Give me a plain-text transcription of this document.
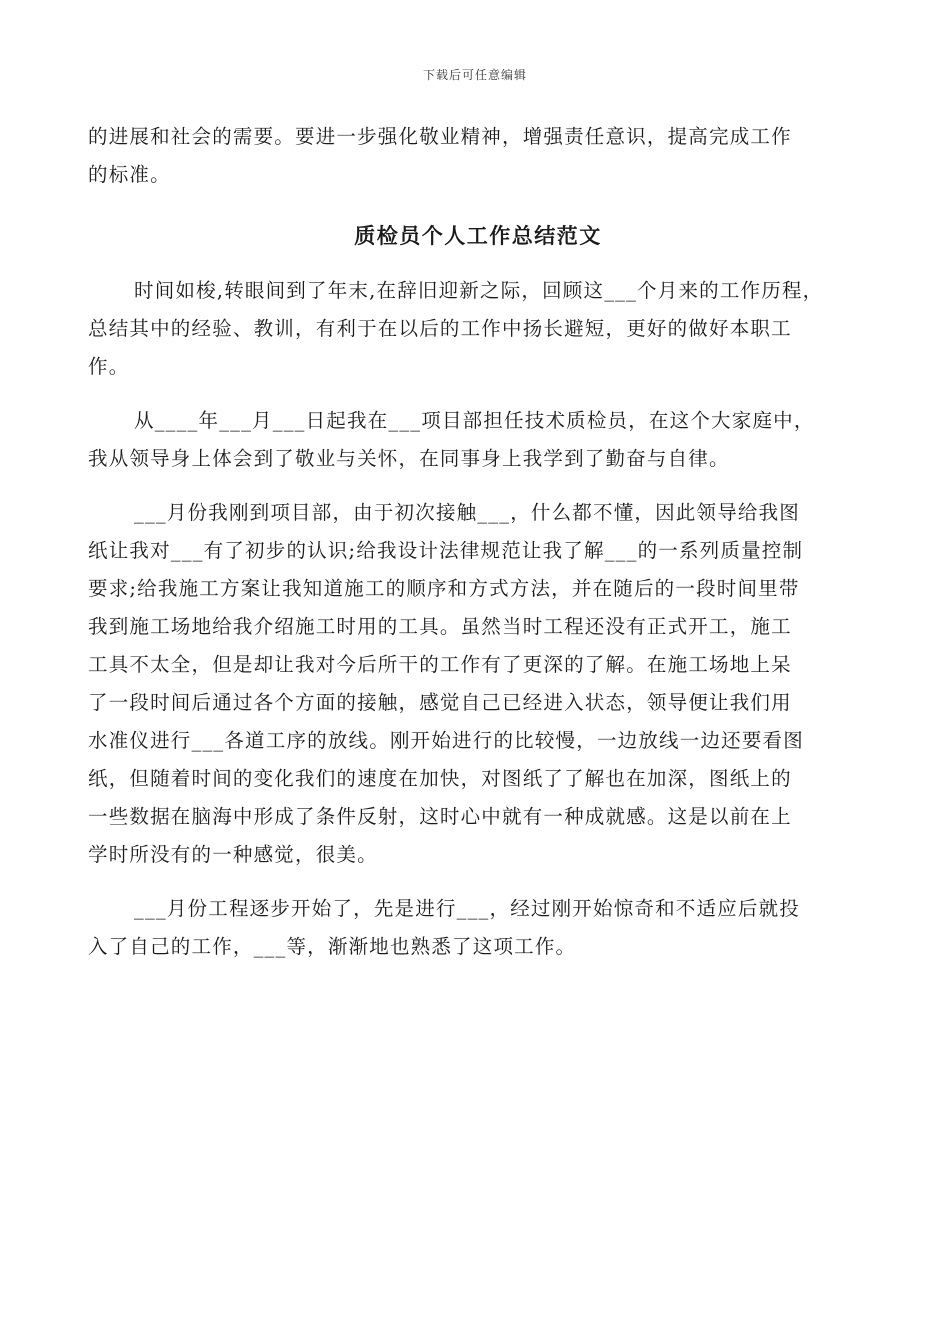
下载后可任意编辑

的进展和社会的需要。要进一步强化敬业精神，增强责任意识，提高完成工作
的标准。

质检员个人工作总结范文

时间如梭,转眼间到了年末,在辞旧迎新之际，回顾这___个月来的工作历程，
总结其中的经验、教训，有利于在以后的工作中扬长避短，更好的做好本职工
作。

从____年___月___日起我在___项目部担任技术质检员，在这个大家庭中，
我从领导身上体会到了敬业与关怀，在同事身上我学到了勤奋与自律。

___月份我刚到项目部，由于初次接触___，什么都不懂，因此领导给我图
纸让我对___有了初步的认识;给我设计法律规范让我了解___的一系列质量控制
要求;给我施工方案让我知道施工的顺序和方式方法，并在随后的一段时间里带
我到施工场地给我介绍施工时用的工具。虽然当时工程还没有正式开工，施工
工具不太全，但是却让我对今后所干的工作有了更深的了解。在施工场地上呆
了一段时间后通过各个方面的接触，感觉自己已经进入状态，领导便让我们用
水准仪进行___各道工序的放线。刚开始进行的比较慢，一边放线一边还要看图
纸，但随着时间的变化我们的速度在加快，对图纸了了解也在加深，图纸上的
一些数据在脑海中形成了条件反射，这时心中就有一种成就感。这是以前在上
学时所没有的一种感觉，很美。

___月份工程逐步开始了，先是进行___，经过刚开始惊奇和不适应后就投
入了自己的工作，___等，渐渐地也熟悉了这项工作。
